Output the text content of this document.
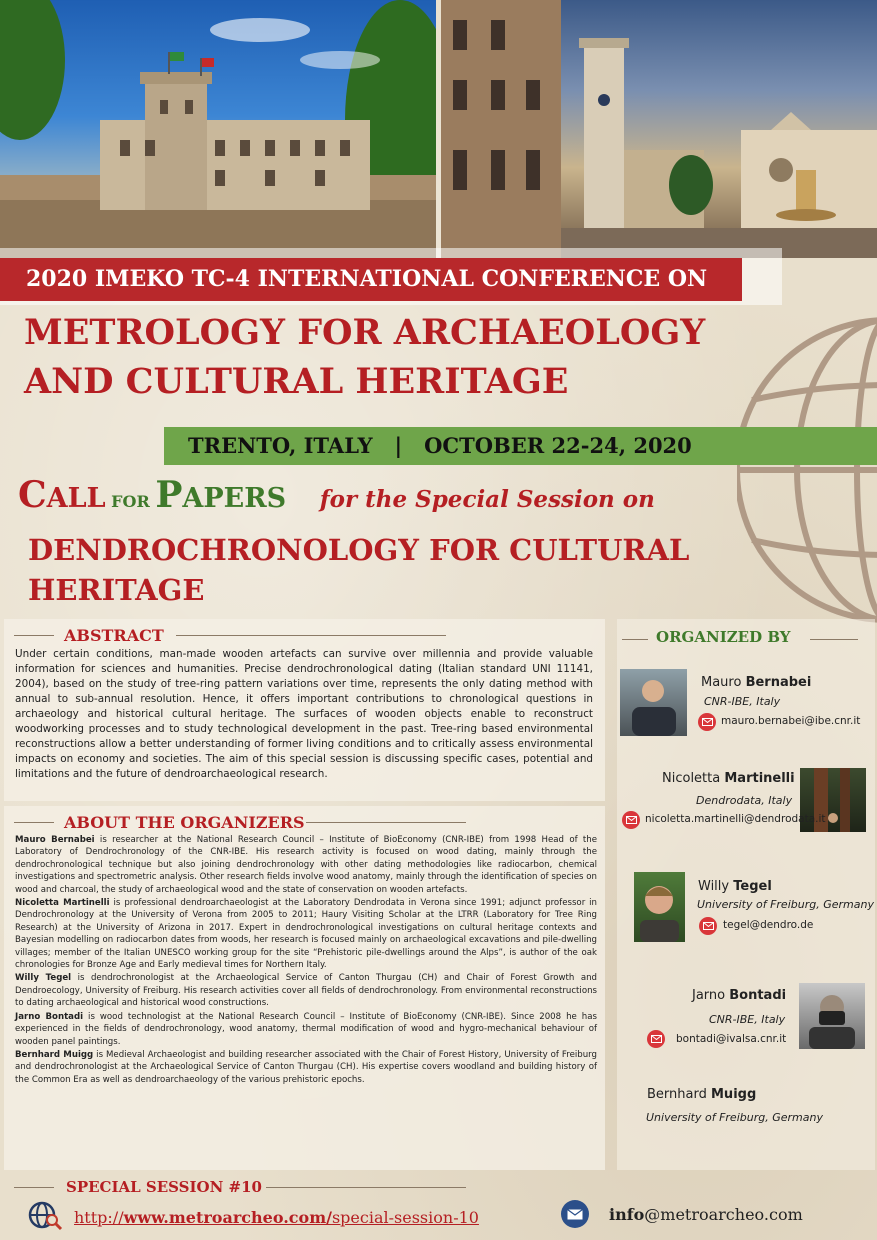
2020 IMEKO TC-4 INTERNATIONAL CONFERENCE ON
METROLOGY FOR ARCHAEOLOGY
AND CULTURAL HERITAGE
TRENTO, ITALY   |   OCTOBER 22-24, 2020
CALL FOR PAPERS for the Special Session on
DENDROCHRONOLOGY FOR CULTURAL
HERITAGE
ABSTRACT
Under certain conditions, man-made wooden artefacts can survive over millennia and provide valuable information for sciences and humanities. Precise dendrochronological dating (Italian standard UNI 11141, 2004), based on the study of tree-ring pattern variations over time, represents the only dating method with annual to sub-annual resolution. Hence, it offers important contributions to chronological questions in archaeology and historical cultural heritage. The surfaces of wooden objects enable to reconstruct woodworking processes and to study technological development in the past. Tree-ring based environmental reconstructions allow a better understanding of former living conditions and to critically assess environmental impacts on economy and societies. The aim of this special session is discussing specific cases, potential and limitations and the future of dendroarchaeological research.
ABOUT THE ORGANIZERS

Mauro Bernabei is researcher at the National Research Council – Institute of BioEconomy (CNR-IBE) from 1998 Head of the Laboratory of Dendrochronology of the CNR-IBE. His research activity is focused on wood dating, mainly through the dendrochronological technique but also joining dendrochronology with other dating methodologies like radiocarbon, chemical investigations and spectrometric analysis. Other research fields involve wood anatomy, mainly through the identification of species on wood and charcoal, the study of archaeological wood and the state of conservation on wooden artefacts.

Nicoletta Martinelli is professional dendroarchaeologist at the Laboratory Dendrodata in Verona since 1991; adjunct professor in Dendrochronology at the University of Verona from 2005 to 2011; Haury Visiting Scholar at the LTRR (Laboratory for Tree Ring Research) at the University of Arizona in 2017. Expert in dendrochronological investigations on cultural heritage contexts and Bayesian modelling on radiocarbon dates from woods, her research is focused mainly on archaeological excavations and pile-dwelling villages; member of the Italian UNESCO working group for the site “Prehistoric pile-dwellings around the Alps”, is author of the oak chronologies for Bronze Age and Early medieval times for Northern Italy.

Willy Tegel is dendrochronologist at the Archaeological Service of Canton Thurgau (CH) and Chair of Forest Growth and Dendroecology, University of Freiburg. His research activities cover all fields of dendrochronology. From environmental reconstructions to dating archaeological and historical wood constructions.

Jarno Bontadi is wood technologist at the National Research Council – Institute of BioEconomy (CNR-IBE). Since 2008 he has experienced in the fields of dendrochronology, wood anatomy, thermal modification of wood and hygro-mechanical behaviour of wooden panel paintings.

Bernhard Muigg is Medieval Archaeologist and building researcher associated with the Chair of Forest History, University of Freiburg and dendrochronologist at the Archaeological Service of Canton Thurgau (CH). His expertise covers woodland and building history of the Common Era as well as dendroarchaeology of the various prehistoric epochs.

ORGANIZED BY
Mauro Bernabei
CNR-IBE, Italy
mauro.bernabei@ibe.cnr.it
Nicoletta Martinelli
Dendrodata, Italy
nicoletta.martinelli@dendrodata.it
Willy Tegel
University of Freiburg, Germany
tegel@dendro.de
Jarno Bontadi
CNR-IBE, Italy
bontadi@ivalsa.cnr.it
Bernhard Muigg
University of Freiburg, Germany
SPECIAL SESSION #10
http://www.metroarcheo.com/special-session-10	info@metroarcheo.com
